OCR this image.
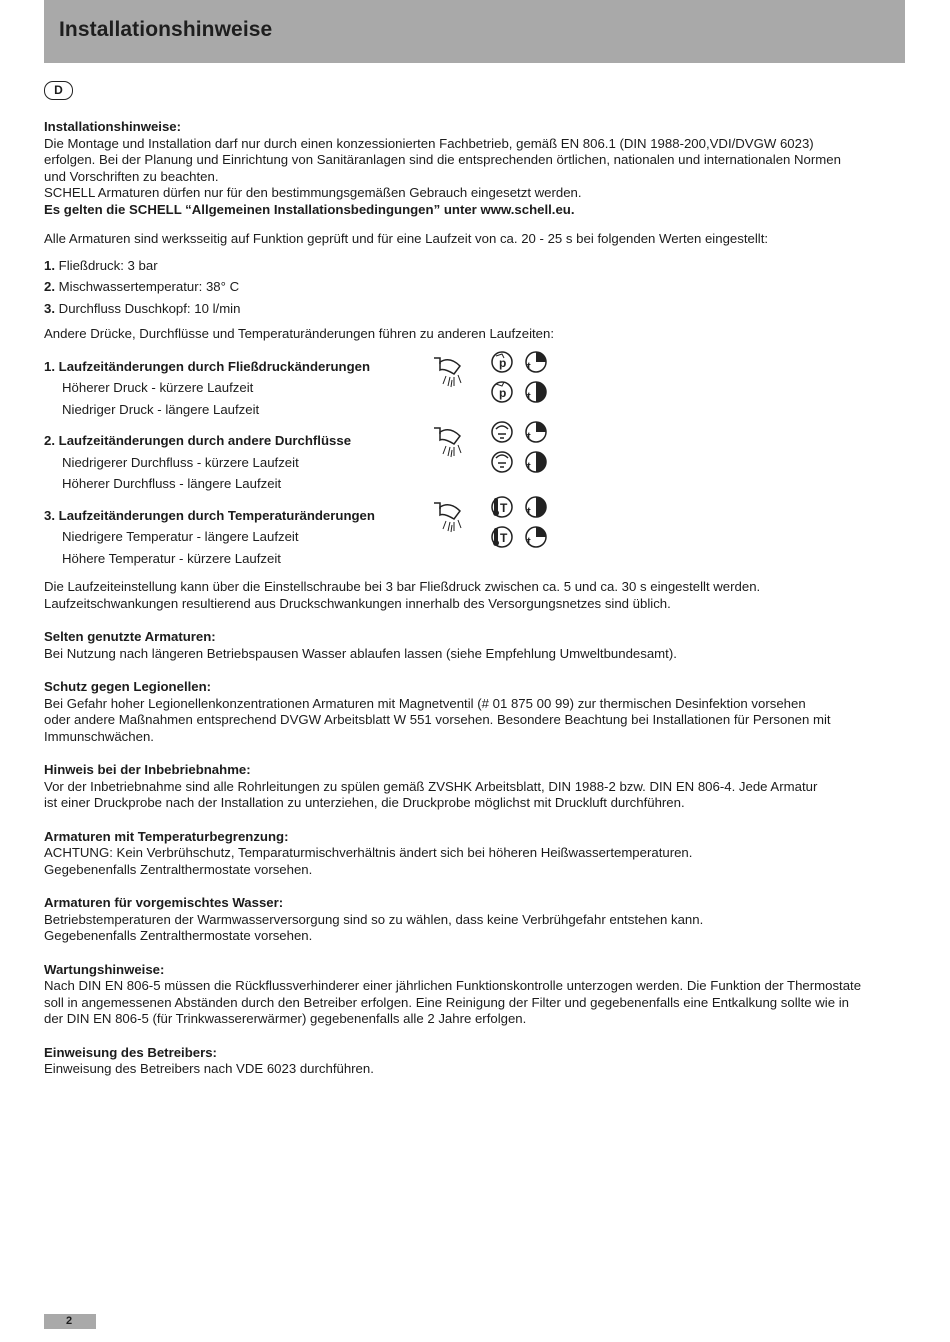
Installationshinweise
D

Installationshinweise:

Die Montage und Installation darf nur durch einen konzessionierten Fachbetrieb, gemäß EN 806.1 (DIN 1988-200,VDI/DVGW 6023)

erfolgen. Bei der Planung und Einrichtung von Sanitäranlagen sind die entsprechenden örtlichen, nationalen und internationalen Normen

und Vorschriften zu beachten.

SCHELL Armaturen dürfen nur für den bestimmungsgemäßen Gebrauch eingesetzt werden.

Es gelten die SCHELL “Allgemeinen Installationsbedingungen” unter www.schell.eu.

Alle Armaturen sind werksseitig auf Funktion geprüft und für eine Laufzeit von ca. 20 - 25 s bei folgenden Werten eingestellt:

1. Fließdruck: 3 bar
2. Mischwassertemperatur: 38° C
3. Durchfluss Duschkopf: 10 l/min

Andere Drücke, Durchflüsse und Temperaturänderungen führen zu anderen Laufzeiten:

1. Laufzeitänderungen durch Fließdruckänderungen
Höherer Druck - kürzere Laufzeit
Niedriger Druck - längere Laufzeit
p t
p t
2. Laufzeitänderungen durch andere Durchflüsse
Niedrigerer Durchfluss - kürzere Laufzeit
Höherer Durchfluss - längere Laufzeit
t
t
3. Laufzeitänderungen durch Temperaturänderungen
Niedrigere Temperatur - längere Laufzeit
Höhere Temperatur - kürzere Laufzeit
T t
T t

Die Laufzeiteinstellung kann über die Einstellschraube bei 3 bar Fließdruck zwischen ca. 5 und ca. 30 s eingestellt werden.

Laufzeitschwankungen resultierend aus Druckschwankungen innerhalb des Versorgungsnetzes sind üblich.

Selten genutzte Armaturen:

Bei Nutzung nach längeren Betriebspausen Wasser ablaufen lassen (siehe Empfehlung Umweltbundesamt).

Schutz gegen Legionellen:

Bei Gefahr hoher Legionellenkonzentrationen Armaturen mit Magnetventil (# 01 875 00 99) zur thermischen Desinfektion vorsehen

oder andere Maßnahmen entsprechend DVGW Arbeitsblatt W 551 vorsehen. Besondere Beachtung bei Installationen für Personen mit

Immunschwächen.

Hinweis bei der Inbebriebnahme:

Vor der Inbetriebnahme sind alle Rohrleitungen zu spülen gemäß ZVSHK Arbeitsblatt, DIN 1988-2 bzw. DIN EN 806-4. Jede Armatur

ist einer Druckprobe nach der Installation zu unterziehen, die Druckprobe möglichst mit Druckluft durchführen.

Armaturen mit Temperaturbegrenzung:

ACHTUNG: Kein Verbrühschutz, Temparaturmischverhältnis ändert sich bei höheren Heißwassertemperaturen.

Gegebenenfalls Zentralthermostate vorsehen.

Armaturen für vorgemischtes Wasser:

Betriebstemperaturen der Warmwasserversorgung sind so zu wählen, dass keine Verbrühgefahr entstehen kann.

Gegebenenfalls Zentralthermostate vorsehen.

Wartungshinweise:

Nach DIN EN 806-5 müssen die Rückflussverhinderer einer jährlichen Funktionskontrolle unterzogen werden. Die Funktion der Thermostate

soll in angemessenen Abständen durch den Betreiber erfolgen. Eine Reinigung der Filter und gegebenenfalls eine Entkalkung sollte wie in

der DIN EN 806-5 (für Trinkwassererwärmer) gegebenenfalls alle 2 Jahre erfolgen.

Einweisung des Betreibers:

Einweisung des Betreibers nach VDE 6023 durchführen.

2
